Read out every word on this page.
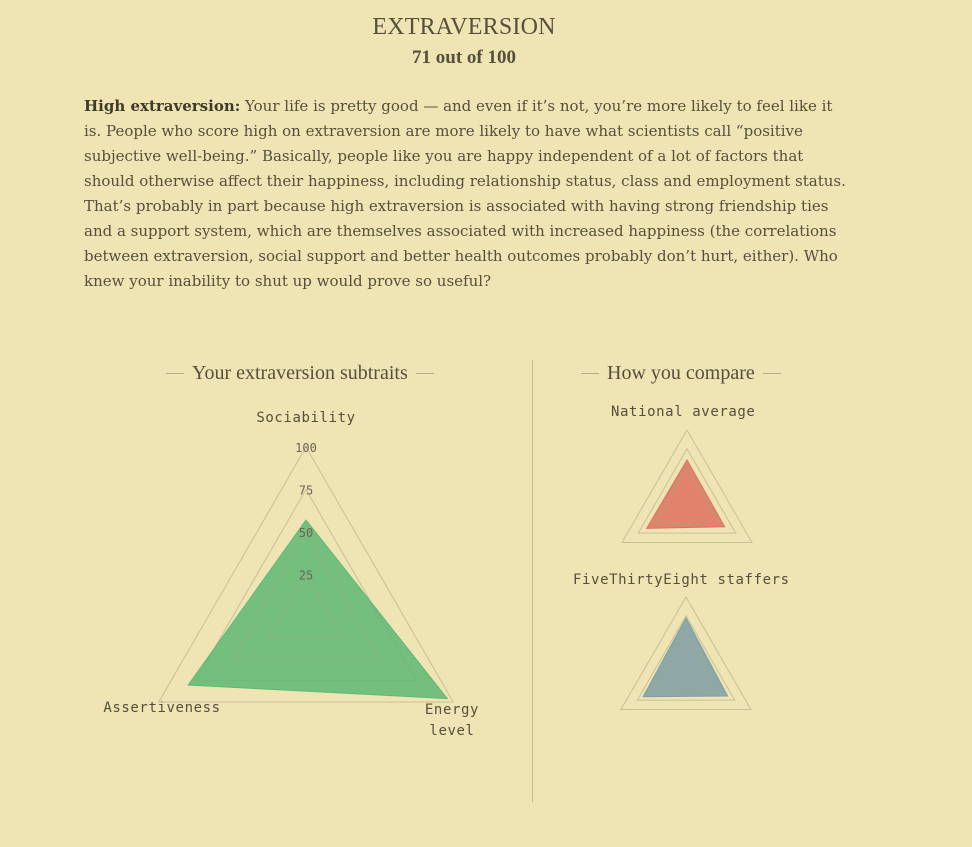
EXTRAVERSION
71 out of 100

High extraversion: Your life is pretty good — and even if it’s not, you’re more likely to feel like it is. People who score high on extraversion are more likely to have what scientists call “positive subjective well-being.” Basically, people like you are happy independent of a lot of factors that should otherwise affect their happiness, including relationship status, class and employment status. That’s probably in part because high extraversion is associated with having strong friendship ties and a support system, which are themselves associated with increased happiness (the correlations between extraversion, social support and better health outcomes probably don’t hurt, either). Who knew your inability to shut up would prove so useful?

Your extraversion subtraits	How you compare
Sociability
Energy
level
Assertiveness
National average
FiveThirtyEight staffers
25
50
75
100
